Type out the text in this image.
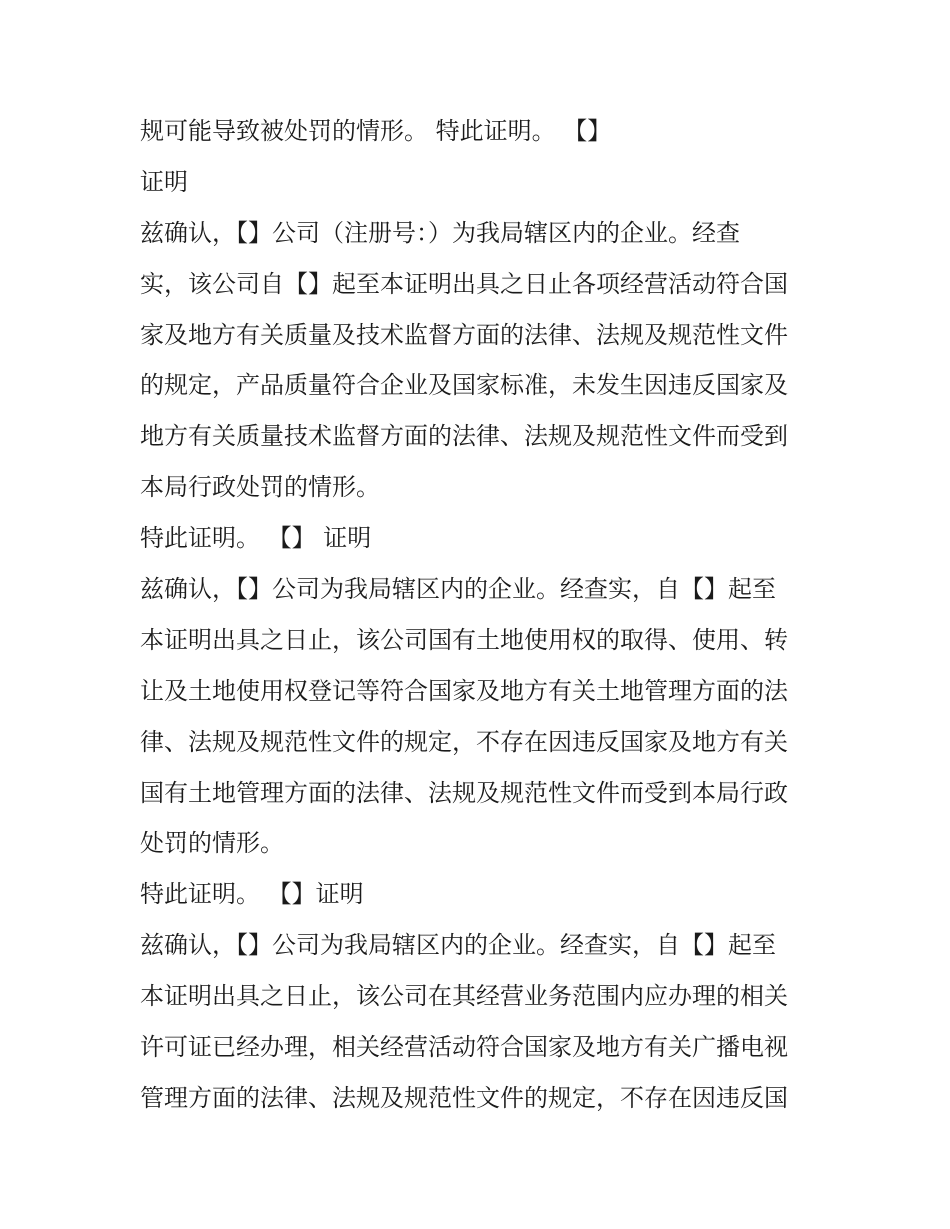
规可能导致被处罚的情形。 特此证明。 【】
证明
兹确认，【】公司（注册号：）为我局辖区内的企业。经查
实，该公司自【】起至本证明出具之日止各项经营活动符合国
家及地方有关质量及技术监督方面的法律、法规及规范性文件
的规定，产品质量符合企业及国家标准，未发生因违反国家及
地方有关质量技术监督方面的法律、法规及规范性文件而受到
本局行政处罚的情形。
特此证明。 【】 证明
兹确认，【】公司为我局辖区内的企业。经查实，自【】起至
本证明出具之日止，该公司国有土地使用权的取得、使用、转
让及土地使用权登记等符合国家及地方有关土地管理方面的法
律、法规及规范性文件的规定，不存在因违反国家及地方有关
国有土地管理方面的法律、法规及规范性文件而受到本局行政
处罚的情形。
特此证明。 【】证明
兹确认，【】公司为我局辖区内的企业。经查实，自【】起至
本证明出具之日止，该公司在其经营业务范围内应办理的相关
许可证已经办理，相关经营活动符合国家及地方有关广播电视
管理方面的法律、法规及规范性文件的规定，不存在因违反国
